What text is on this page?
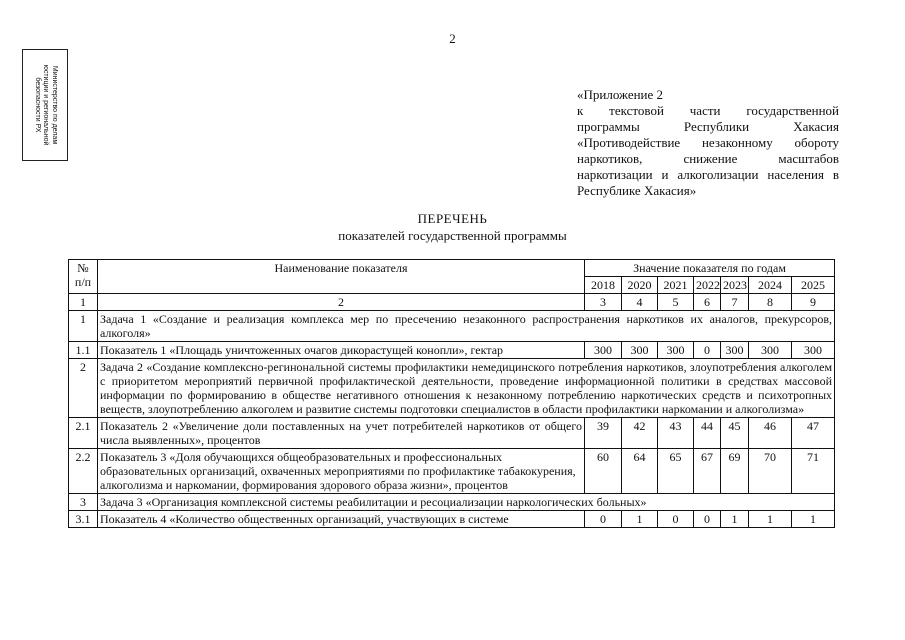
2
Министерство по делам
юстиции и региональной
безопасности РХ	«Приложение 2
к текстовой части государственной
программы Республики Хакасия
«Противодействие незаконному обороту
наркотиков, снижение масштабов
наркотизации и алкоголизации населения в
Республике Хакасия»
ПЕРЕЧЕНЬ
показателей государственной программы
№ п/п	Наименование показателя	Значение показателя по годам						
		2018	2020	2021	2022	2023	2024	2025
1	2	3	4	5	6	7	8	9
1	Задача 1 «Создание и реализация комплекса мер по пресечению незаконного распространения наркотиков их аналогов, прекурсоров, алкоголя»							
1.1	Показатель 1 «Площадь уничтоженных очагов дикорастущей конопли», гектар	300	300	300	0	300	300	300
2	Задача 2 «Создание комплексно-регинональной системы профилактики немедицинского потребления наркотиков, злоупотребления алкоголем с приоритетом мероприятий первичной профилактической деятельности, проведение информационной политики в средствах массовой информации по формированию в обществе негативного отношения к незаконному потреблению наркотических средств и психотропных веществ, злоупотреблению алкоголем и развитие системы подготовки специалистов в области профилактики наркомании и алкоголизма»							
2.1	Показатель 2 «Увеличение доли поставленных на учет потребителей наркотиков от общего числа выявленных», процентов	39	42	43	44	45	46	47
2.2	Показатель 3 «Доля обучающихся общеобразовательных и профессиональных образовательных организаций, охваченных мероприятиями по профилактике табакокурения, алкоголизма и наркомании, формирования здорового образа жизни», процентов	60	64	65	67	69	70	71
3	Задача 3 «Организация комплексной системы реабилитации и ресоциализации наркологических больных»							
3.1	Показатель 4 «Количество общественных организаций, участвующих в системе	0	1	0	0	1	1	1
